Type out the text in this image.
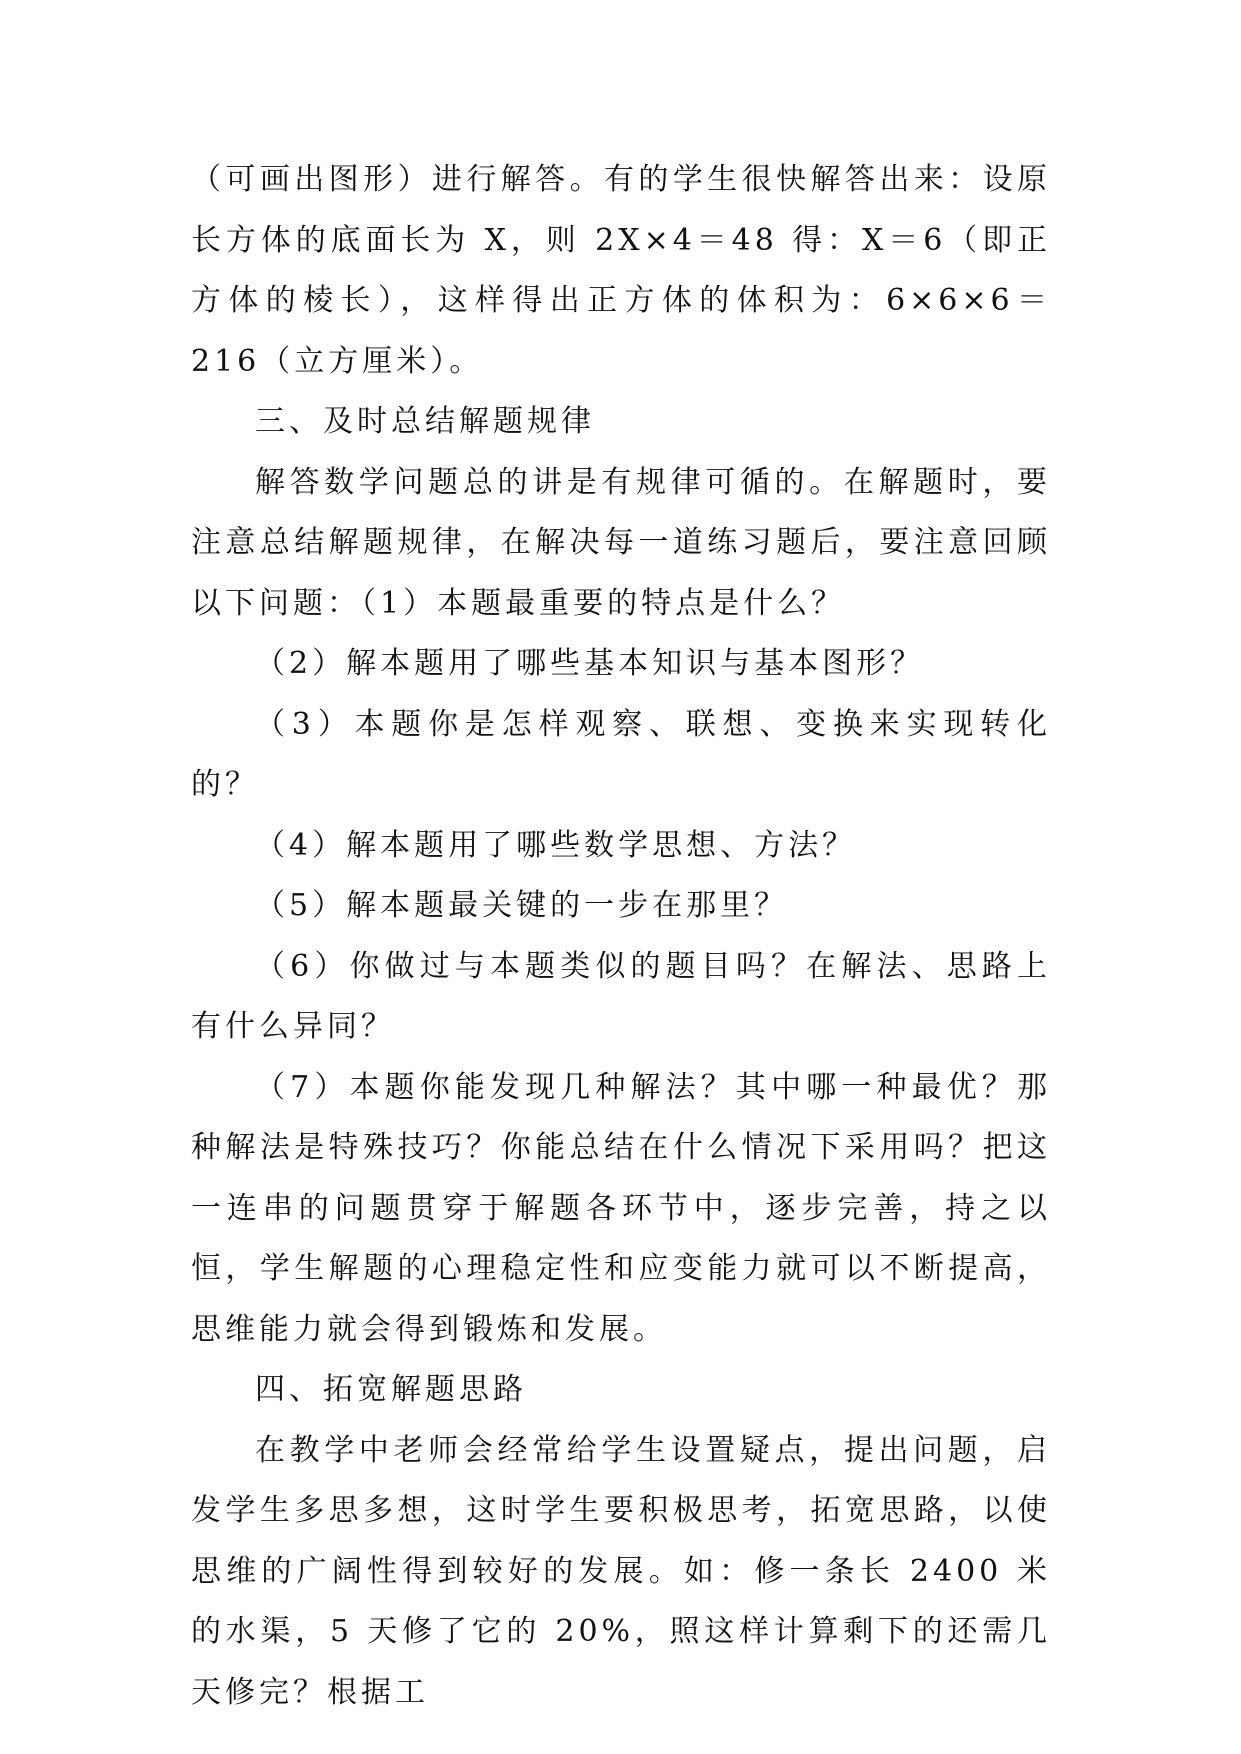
（可画出图形）进行解答。有的学生很快解答出来：设原长方体的底面长为 X，则 2X×4＝48 得：X＝6（即正方体的棱长），这样得出正方体的体积为：6×6×6＝216（立方厘米）。

三、及时总结解题规律

解答数学问题总的讲是有规律可循的。在解题时，要注意总结解题规律，在解决每一道练习题后，要注意回顾以下问题：（1）本题最重要的特点是什么？

（2）解本题用了哪些基本知识与基本图形？

（3）本题你是怎样观察、联想、变换来实现转化的？

（4）解本题用了哪些数学思想、方法？

（5）解本题最关键的一步在那里？

（6）你做过与本题类似的题目吗？在解法、思路上有什么异同？

（7）本题你能发现几种解法？其中哪一种最优？那种解法是特殊技巧？你能总结在什么情况下采用吗？把这一连串的问题贯穿于解题各环节中，逐步完善，持之以恒，学生解题的心理稳定性和应变能力就可以不断提高，思维能力就会得到锻炼和发展。

四、拓宽解题思路

在教学中老师会经常给学生设置疑点，提出问题，启发学生多思多想，这时学生要积极思考，拓宽思路，以使思维的广阔性得到较好的发展。如：修一条长 2400 米的水渠，5 天修了它的 20%，照这样计算剩下的还需几天修完？根据工
